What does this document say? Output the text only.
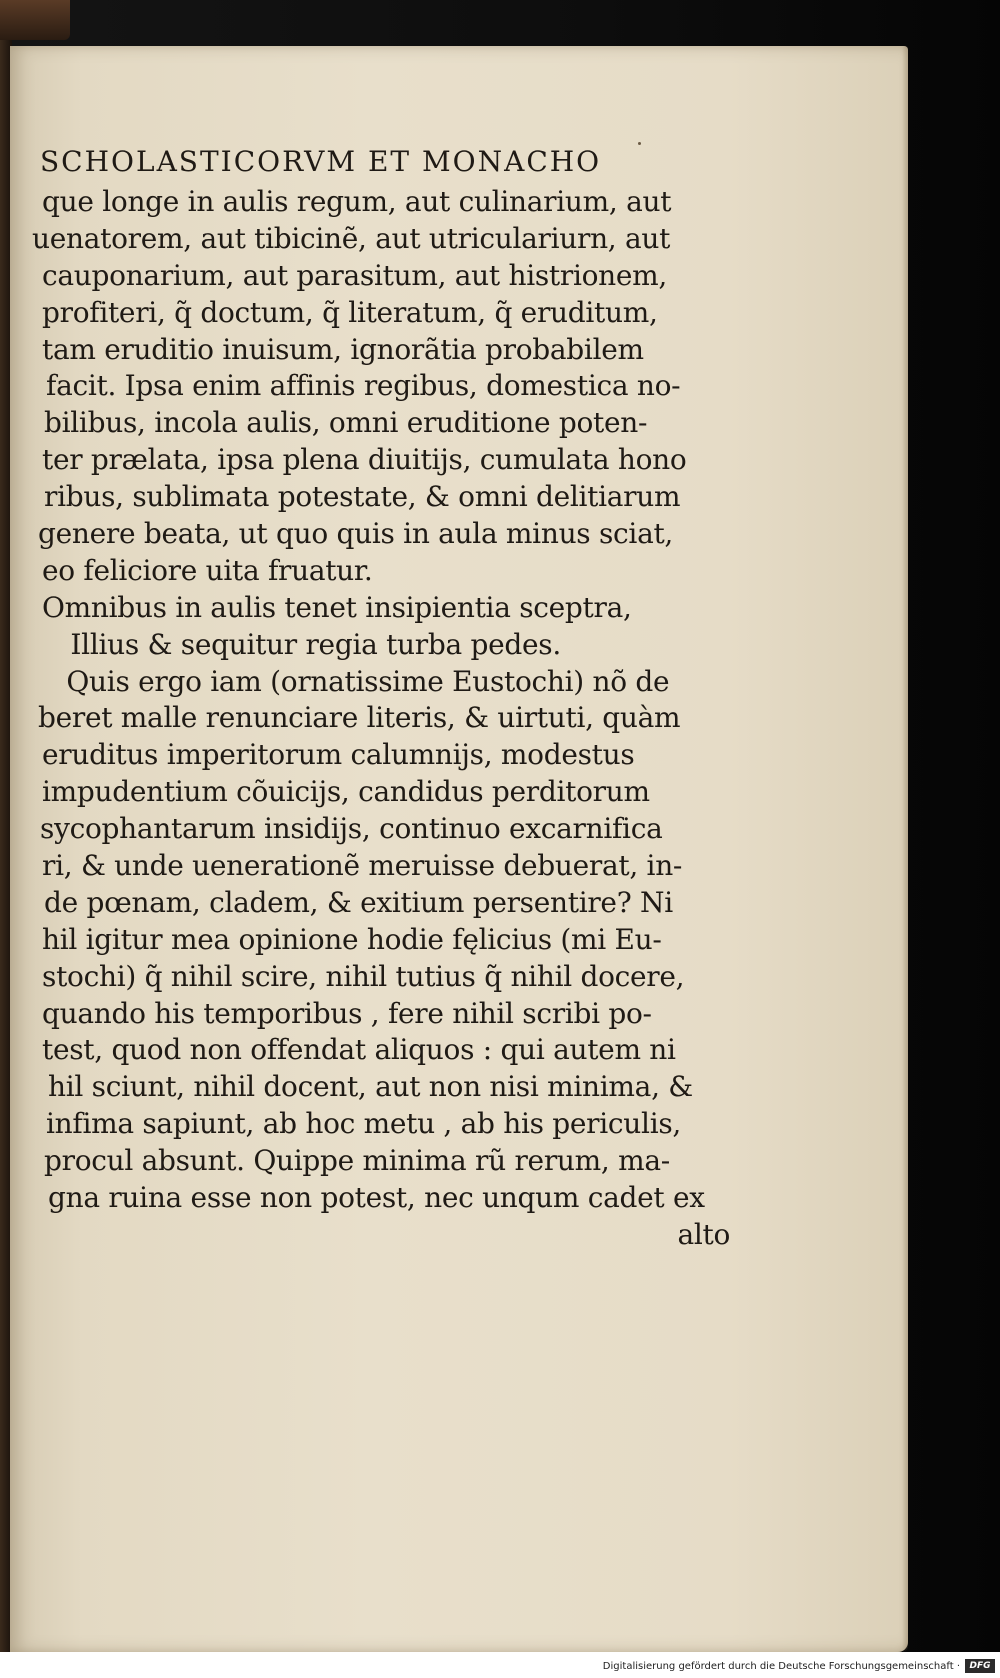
SCHOLASTICORVM ET MONACHO
que longe in aulis regum, aut culinarium, aut
uenatorem, aut tibicinẽ, aut utriculariurn, aut
cauponarium, aut parasitum, aut histrionem,
profiteri, q̃ doctum, q̃ literatum, q̃ eruditum,
tam eruditio inuisum, ignorãtia probabilem
facit. Ipsa enim affinis regibus, domestica no-
bilibus, incola aulis, omni eruditione poten-
ter prælata, ipsa plena diuitijs, cumulata hono
ribus, sublimata potestate, & omni delitiarum
genere beata, ut quo quis in aula minus sciat,
eo feliciore uita fruatur.
Omnibus in aulis tenet insipientia sceptra,
Illius & sequitur regia turba pedes.
Quis ergo iam (ornatissime Eustochi) nõ de
beret malle renunciare literis, & uirtuti, quàm
eruditus imperitorum calumnijs, modestus
impudentium cõuicijs, candidus perditorum
sycophantarum insidijs, continuo excarnifica
ri, & unde uenerationẽ meruisse debuerat, in-
de pœnam, cladem, & exitium persentire? Ni
hil igitur mea opinione hodie fęlicius (mi Eu-
stochi) q̃ nihil scire, nihil tutius q̃ nihil docere,
quando his temporibus , fere nihil scribi po-
test, quod non offendat aliquos : qui autem ni
hil sciunt, nihil docent, aut non nisi minima, &
infima sapiunt, ab hoc metu , ab his periculis,
procul absunt. Quippe minima rũ rerum, ma-
gna ruina esse non potest, nec unqum cadet ex
alto
Digitalisierung gefördert durch die Deutsche Forschungsgemeinschaft ·	DFG
